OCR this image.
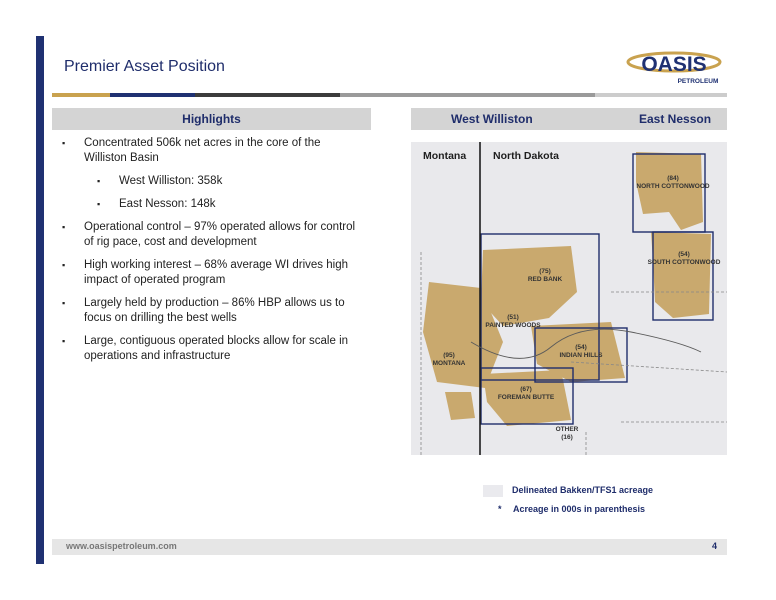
Premier Asset Position	OASIS
PETROLEUM
Highlights	West Williston	East Nesson
▪ Concentrated 506k net acres in the core of the Williston Basin
▪ West Williston: 358k
▪ East Nesson: 148k
▪ Operational control – 97% operated allows for control of rig pace, cost and development
▪ High working interest – 68% average WI drives high impact of operated program
▪ Largely held by production – 86% HBP allows us to focus on drilling the best wells
▪ Large, contiguous operated blocks allow for scale in operations and infrastructure
Montana	North Dakota
(84)
NORTH COTTONWOOD
(54)
SOUTH COTTONWOOD
(75)
RED BANK
(51)
PAINTED WOODS
(54)
INDIAN HILLS
(95)
MONTANA
(67)
FOREMAN BUTTE
OTHER
(16)
Delineated Bakken/TFS1 acreage
* Acreage in 000s in parenthesis
www.oasispetroleum.com	4
